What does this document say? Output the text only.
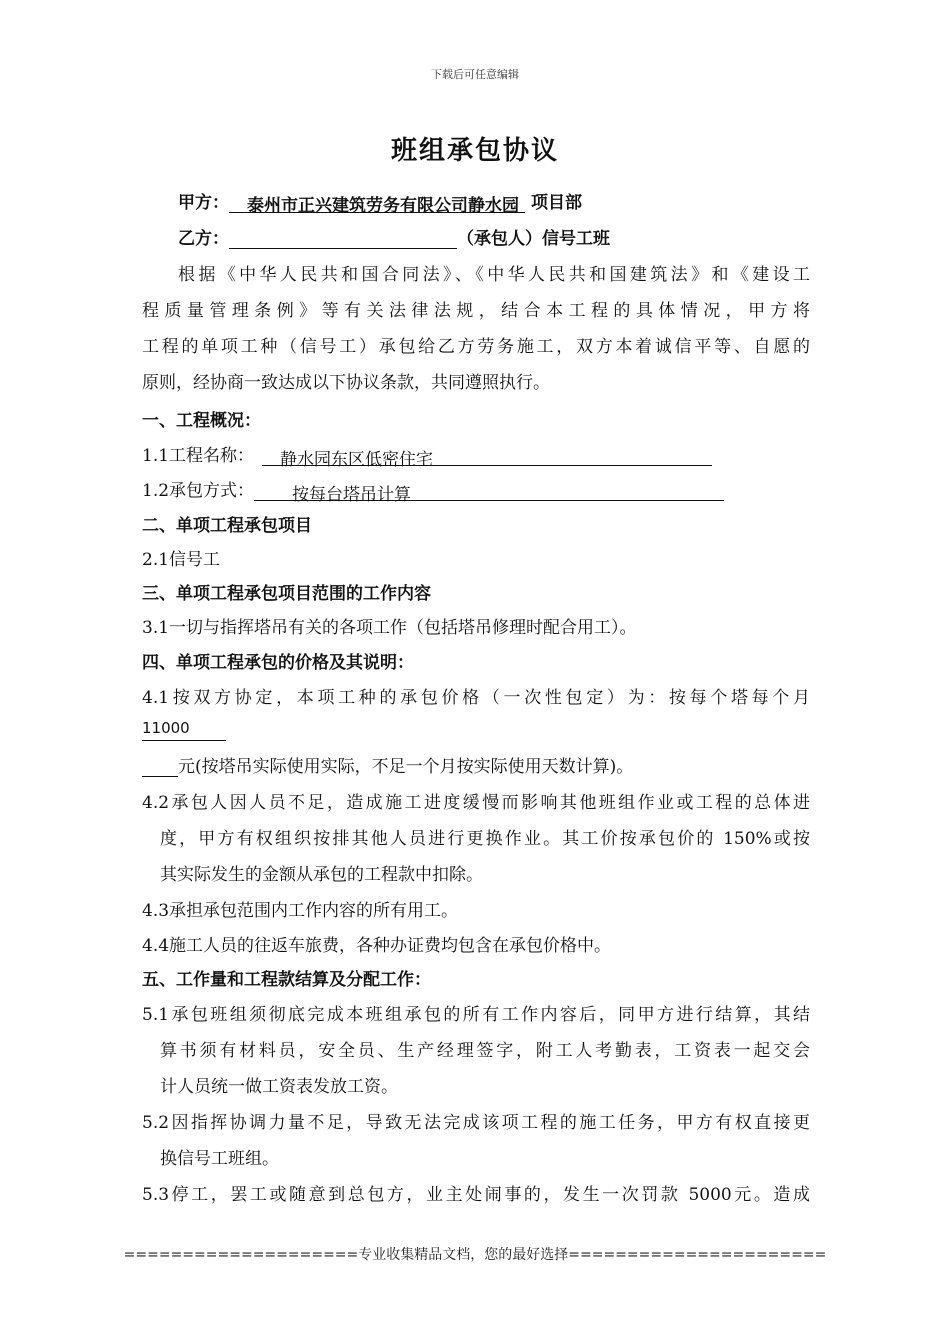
下载后可任意编辑
班组承包协议
甲方： 泰州市正兴建筑劳务有限公司静水园 项目部
乙方：	（承包人）信号工班
根据《中华人民共和国合同法》、《中华人民共和国建筑法》和《建设工
程质量管理条例》等有关法律法规，结合本工程的具体情况，甲方将
工程的单项工种（信号工）承包给乙方劳务施工，双方本着诚信平等、自愿的
原则，经协商一致达成以下协议条款，共同遵照执行。
一、工程概况：
1.1工程名称： 静水园东区低密住宅
1.2承包方式： 按每台塔吊计算
二、单项工程承包项目
2.1信号工
三、单项工程承包项目范围的工作内容
3.1一切与指挥塔吊有关的各项工作（包括塔吊修理时配合用工）。
四、单项工程承包的价格及其说明：
4.1按双方协定，本项工种的承包价格（一次性包定）为：按每个塔每个月
11000
元(按塔吊实际使用实际，不足一个月按实际使用天数计算)。
4.2承包人因人员不足，造成施工进度缓慢而影响其他班组作业或工程的总体进
度，甲方有权组织按排其他人员进行更换作业。其工价按承包价的 150%或按
其实际发生的金额从承包的工程款中扣除。
4.3承担承包范围内工作内容的所有用工。
4.4施工人员的往返车旅费，各种办证费均包含在承包价格中。
五、工作量和工程款结算及分配工作：
5.1承包班组须彻底完成本班组承包的所有工作内容后，同甲方进行结算，其结
算书须有材料员，安全员、生产经理签字，附工人考勤表，工资表一起交会
计人员统一做工资表发放工资。
5.2因指挥协调力量不足，导致无法完成该项工程的施工任务，甲方有权直接更
换信号工班组。
5.3停工，罢工或随意到总包方，业主处闹事的，发生一次罚款 5000元。造成
====================专业收集精品文档，您的最好选择======================
